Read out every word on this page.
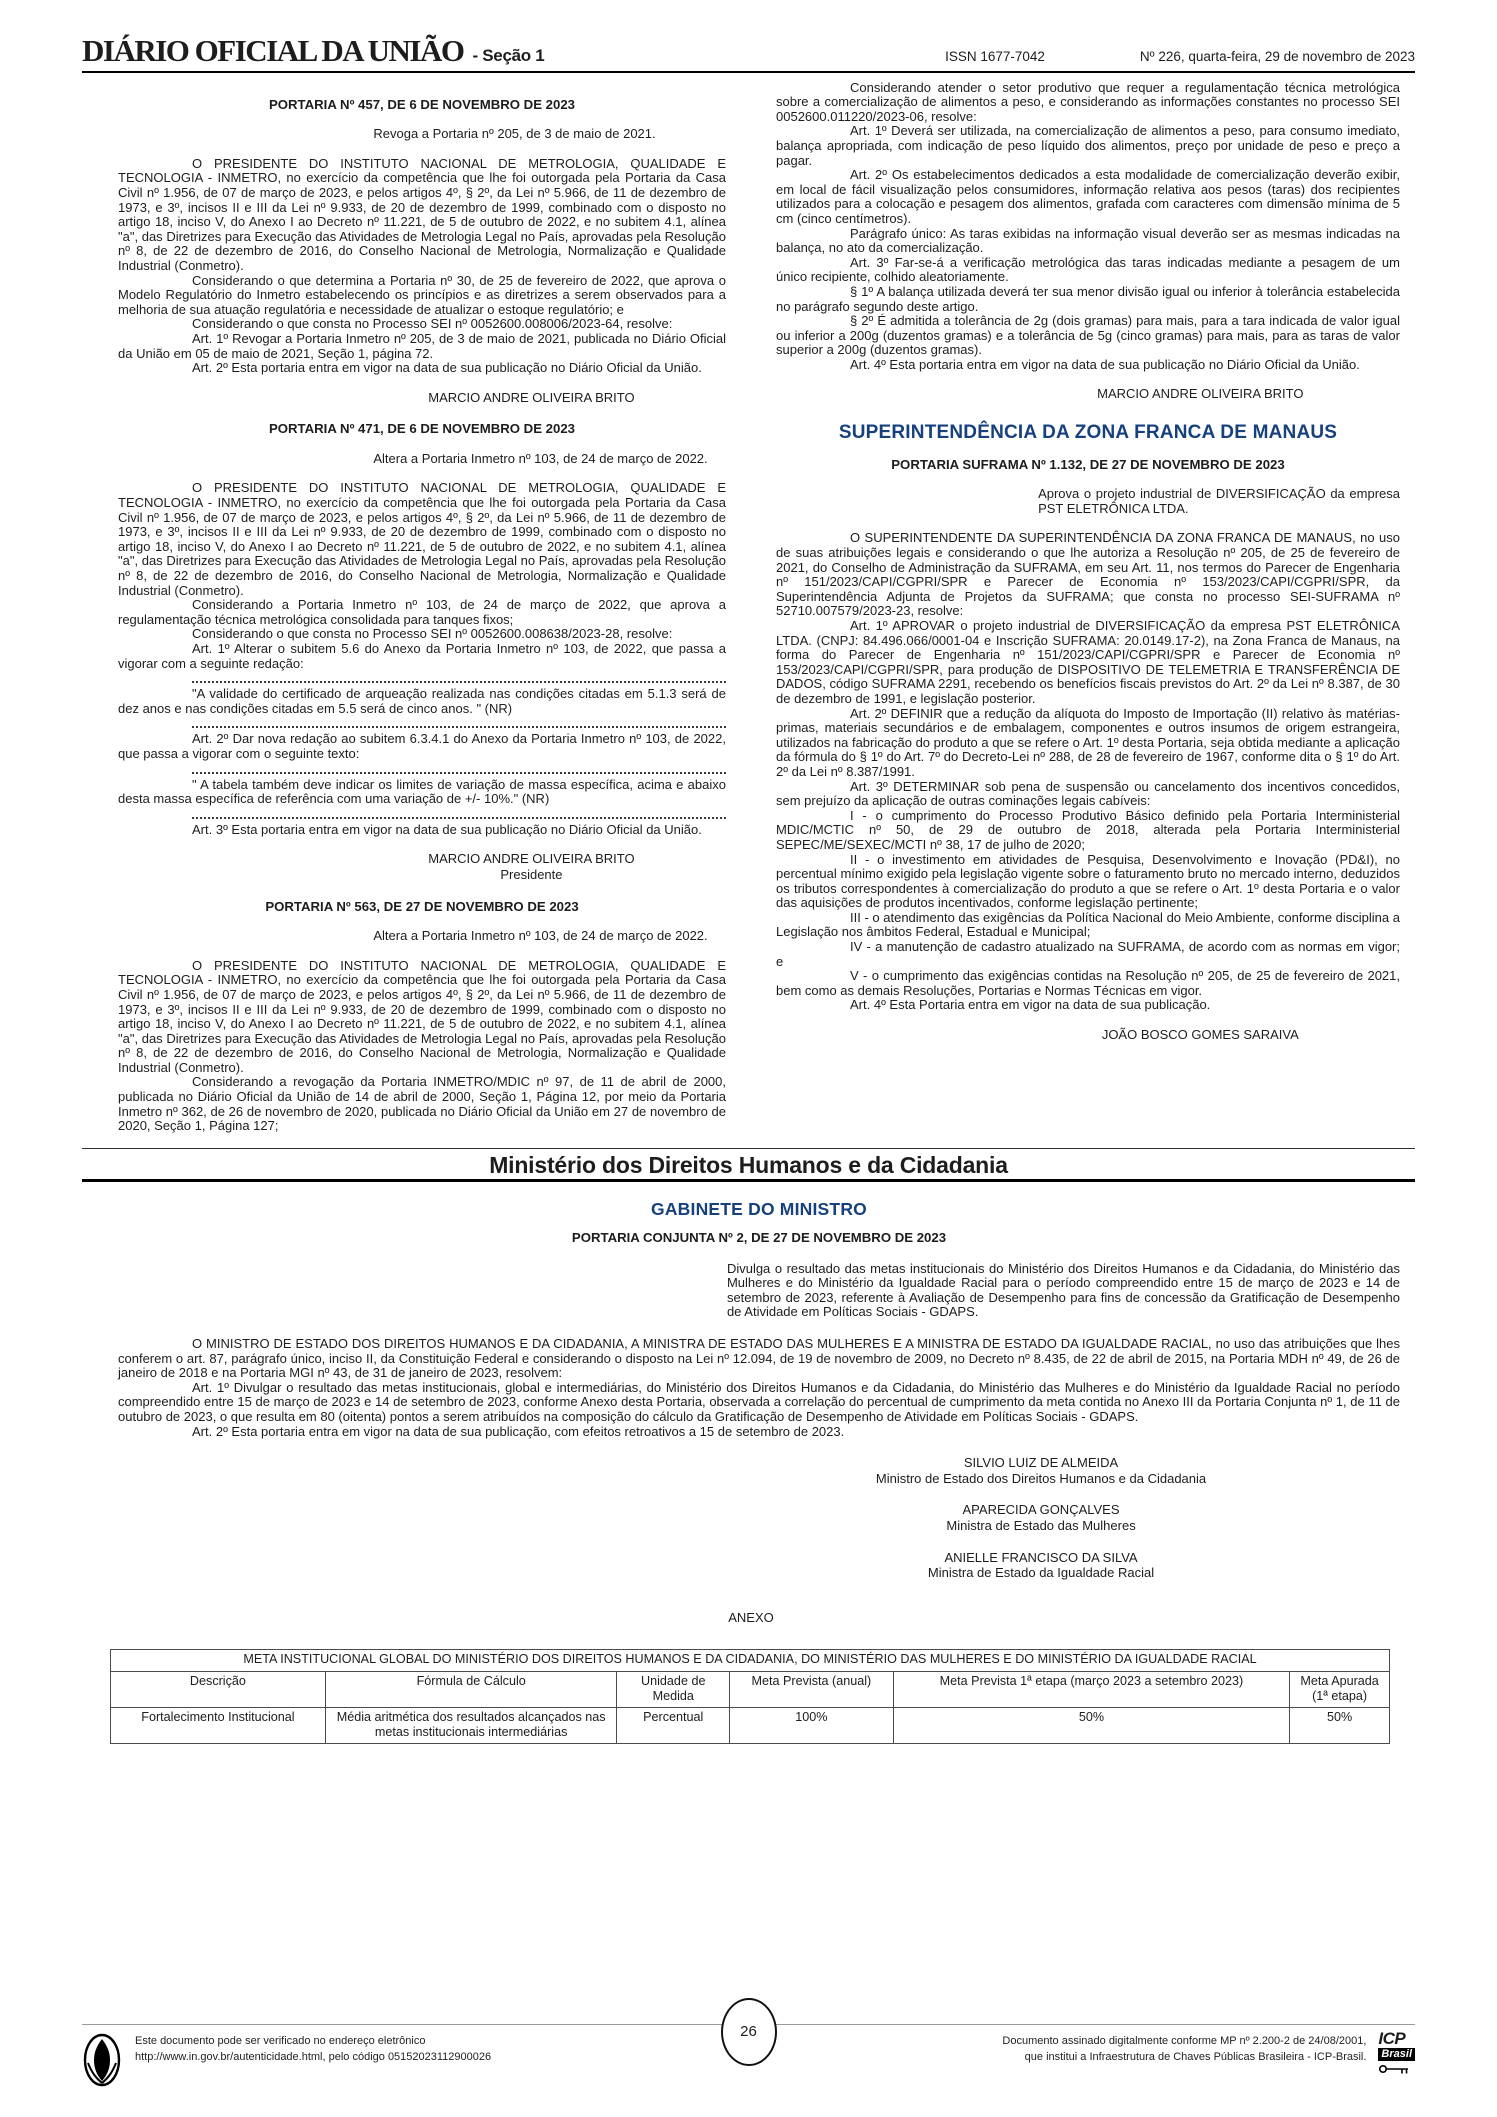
DIÁRIO OFICIAL DA UNIÃO - Seção 1	ISSN 1677-7042	Nº 226, quarta-feira, 29 de novembro de 2023
PORTARIA Nº 457, DE 6 DE NOVEMBRO DE 2023
Revoga a Portaria nº 205, de 3 de maio de 2021.
O PRESIDENTE DO INSTITUTO NACIONAL DE METROLOGIA, QUALIDADE E TECNOLOGIA - INMETRO, no exercício da competência que lhe foi outorgada pela Portaria da Casa Civil nº 1.956, de 07 de março de 2023, e pelos artigos 4º, § 2º, da Lei nº 5.966, de 11 de dezembro de 1973, e 3º, incisos II e III da Lei nº 9.933, de 20 de dezembro de 1999, combinado com o disposto no artigo 18, inciso V, do Anexo I ao Decreto nº 11.221, de 5 de outubro de 2022, e no subitem 4.1, alínea "a", das Diretrizes para Execução das Atividades de Metrologia Legal no País, aprovadas pela Resolução nº 8, de 22 de dezembro de 2016, do Conselho Nacional de Metrologia, Normalização e Qualidade Industrial (Conmetro).
Considerando o que determina a Portaria nº 30, de 25 de fevereiro de 2022, que aprova o Modelo Regulatório do Inmetro estabelecendo os princípios e as diretrizes a serem observados para a melhoria de sua atuação regulatória e necessidade de atualizar o estoque regulatório; e
Considerando o que consta no Processo SEI nº 0052600.008006/2023-64, resolve:
Art. 1º Revogar a Portaria Inmetro nº 205, de 3 de maio de 2021, publicada no Diário Oficial da União em 05 de maio de 2021, Seção 1, página 72.
Art. 2º Esta portaria entra em vigor na data de sua publicação no Diário Oficial da União.
MARCIO ANDRE OLIVEIRA BRITO
PORTARIA Nº 471, DE 6 DE NOVEMBRO DE 2023
Altera a Portaria Inmetro nº 103, de 24 de março de 2022.
O PRESIDENTE DO INSTITUTO NACIONAL DE METROLOGIA, QUALIDADE E TECNOLOGIA - INMETRO, no exercício da competência que lhe foi outorgada pela Portaria da Casa Civil nº 1.956, de 07 de março de 2023, e pelos artigos 4º, § 2º, da Lei nº 5.966, de 11 de dezembro de 1973, e 3º, incisos II e III da Lei nº 9.933, de 20 de dezembro de 1999, combinado com o disposto no artigo 18, inciso V, do Anexo I ao Decreto nº 11.221, de 5 de outubro de 2022, e no subitem 4.1, alínea "a", das Diretrizes para Execução das Atividades de Metrologia Legal no País, aprovadas pela Resolução nº 8, de 22 de dezembro de 2016, do Conselho Nacional de Metrologia, Normalização e Qualidade Industrial (Conmetro).
Considerando a Portaria Inmetro nº 103, de 24 de março de 2022, que aprova a regulamentação técnica metrológica consolidada para tanques fixos;
Considerando o que consta no Processo SEI nº 0052600.008638/2023-28, resolve:
Art. 1º Alterar o subitem 5.6 do Anexo da Portaria Inmetro nº 103, de 2022, que passa a vigorar com a seguinte redação:
"A validade do certificado de arqueação realizada nas condições citadas em 5.1.3 será de dez anos e nas condições citadas em 5.5 será de cinco anos. " (NR)
Art. 2º Dar nova redação ao subitem 6.3.4.1 do Anexo da Portaria Inmetro nº 103, de 2022, que passa a vigorar com o seguinte texto:
" A tabela também deve indicar os limites de variação de massa específica, acima e abaixo desta massa específica de referência com uma variação de +/- 10%." (NR)
Art. 3º Esta portaria entra em vigor na data de sua publicação no Diário Oficial da União.
MARCIO ANDRE OLIVEIRA BRITO
Presidente
PORTARIA Nº 563, DE 27 DE NOVEMBRO DE 2023
Altera a Portaria Inmetro nº 103, de 24 de março de 2022.
O PRESIDENTE DO INSTITUTO NACIONAL DE METROLOGIA, QUALIDADE E TECNOLOGIA - INMETRO, no exercício da competência que lhe foi outorgada pela Portaria da Casa Civil nº 1.956, de 07 de março de 2023, e pelos artigos 4º, § 2º, da Lei nº 5.966, de 11 de dezembro de 1973, e 3º, incisos II e III da Lei nº 9.933, de 20 de dezembro de 1999, combinado com o disposto no artigo 18, inciso V, do Anexo I ao Decreto nº 11.221, de 5 de outubro de 2022, e no subitem 4.1, alínea "a", das Diretrizes para Execução das Atividades de Metrologia Legal no País, aprovadas pela Resolução nº 8, de 22 de dezembro de 2016, do Conselho Nacional de Metrologia, Normalização e Qualidade Industrial (Conmetro).
Considerando a revogação da Portaria INMETRO/MDIC nº 97, de 11 de abril de 2000, publicada no Diário Oficial da União de 14 de abril de 2000, Seção 1, Página 12, por meio da Portaria Inmetro nº 362, de 26 de novembro de 2020, publicada no Diário Oficial da União em 27 de novembro de 2020, Seção 1, Página 127;
Considerando atender o setor produtivo que requer a regulamentação técnica metrológica sobre a comercialização de alimentos a peso, e considerando as informações constantes no processo SEI 0052600.011220/2023-06, resolve:
Art. 1º Deverá ser utilizada, na comercialização de alimentos a peso, para consumo imediato, balança apropriada, com indicação de peso líquido dos alimentos, preço por unidade de peso e preço a pagar.
Art. 2º Os estabelecimentos dedicados a esta modalidade de comercialização deverão exibir, em local de fácil visualização pelos consumidores, informação relativa aos pesos (taras) dos recipientes utilizados para a colocação e pesagem dos alimentos, grafada com caracteres com dimensão mínima de 5 cm (cinco centímetros).
Parágrafo único: As taras exibidas na informação visual deverão ser as mesmas indicadas na balança, no ato da comercialização.
Art. 3º Far-se-á a verificação metrológica das taras indicadas mediante a pesagem de um único recipiente, colhido aleatoriamente.
§ 1º A balança utilizada deverá ter sua menor divisão igual ou inferior à tolerância estabelecida no parágrafo segundo deste artigo.
§ 2º É admitida a tolerância de 2g (dois gramas) para mais, para a tara indicada de valor igual ou inferior a 200g (duzentos gramas) e a tolerância de 5g (cinco gramas) para mais, para as taras de valor superior a 200g (duzentos gramas).
Art. 4º Esta portaria entra em vigor na data de sua publicação no Diário Oficial da União.
MARCIO ANDRE OLIVEIRA BRITO
SUPERINTENDÊNCIA DA ZONA FRANCA DE MANAUS
PORTARIA SUFRAMA Nº 1.132, DE 27 DE NOVEMBRO DE 2023
Aprova o projeto industrial de DIVERSIFICAÇÃO da empresa PST ELETRÔNICA LTDA.
O SUPERINTENDENTE DA SUPERINTENDÊNCIA DA ZONA FRANCA DE MANAUS, no uso de suas atribuições legais e considerando o que lhe autoriza a Resolução nº 205, de 25 de fevereiro de 2021, do Conselho de Administração da SUFRAMA, em seu Art. 11, nos termos do Parecer de Engenharia nº 151/2023/CAPI/CGPRI/SPR e Parecer de Economia nº 153/2023/CAPI/CGPRI/SPR, da Superintendência Adjunta de Projetos da SUFRAMA; que consta no processo SEI-SUFRAMA nº 52710.007579/2023-23, resolve:
Art. 1º APROVAR o projeto industrial de DIVERSIFICAÇÃO da empresa PST ELETRÔNICA LTDA. (CNPJ: 84.496.066/0001-04 e Inscrição SUFRAMA: 20.0149.17-2), na Zona Franca de Manaus, na forma do Parecer de Engenharia nº 151/2023/CAPI/CGPRI/SPR e Parecer de Economia nº 153/2023/CAPI/CGPRI/SPR, para produção de DISPOSITIVO DE TELEMETRIA E TRANSFERÊNCIA DE DADOS, código SUFRAMA 2291, recebendo os benefícios fiscais previstos do Art. 2º da Lei nº 8.387, de 30 de dezembro de 1991, e legislação posterior.
Art. 2º DEFINIR que a redução da alíquota do Imposto de Importação (II) relativo às matérias-primas, materiais secundários e de embalagem, componentes e outros insumos de origem estrangeira, utilizados na fabricação do produto a que se refere o Art. 1º desta Portaria, seja obtida mediante a aplicação da fórmula do § 1º do Art. 7º do Decreto-Lei nº 288, de 28 de fevereiro de 1967, conforme dita o § 1º do Art. 2º da Lei nº 8.387/1991.
Art. 3º DETERMINAR sob pena de suspensão ou cancelamento dos incentivos concedidos, sem prejuízo da aplicação de outras cominações legais cabíveis:
I - o cumprimento do Processo Produtivo Básico definido pela Portaria Interministerial MDIC/MCTIC nº 50, de 29 de outubro de 2018, alterada pela Portaria Interministerial SEPEC/ME/SEXEC/MCTI nº 38, 17 de julho de 2020;
II - o investimento em atividades de Pesquisa, Desenvolvimento e Inovação (PD&I), no percentual mínimo exigido pela legislação vigente sobre o faturamento bruto no mercado interno, deduzidos os tributos correspondentes à comercialização do produto a que se refere o Art. 1º desta Portaria e o valor das aquisições de produtos incentivados, conforme legislação pertinente;
III - o atendimento das exigências da Política Nacional do Meio Ambiente, conforme disciplina a Legislação nos âmbitos Federal, Estadual e Municipal;
IV - a manutenção de cadastro atualizado na SUFRAMA, de acordo com as normas em vigor; e
V - o cumprimento das exigências contidas na Resolução nº 205, de 25 de fevereiro de 2021, bem como as demais Resoluções, Portarias e Normas Técnicas em vigor.
Art. 4º Esta Portaria entra em vigor na data de sua publicação.
JOÃO BOSCO GOMES SARAIVA
Ministério dos Direitos Humanos e da Cidadania
GABINETE DO MINISTRO
PORTARIA CONJUNTA Nº 2, DE 27 DE NOVEMBRO DE 2023
Divulga o resultado das metas institucionais do Ministério dos Direitos Humanos e da Cidadania, do Ministério das Mulheres e do Ministério da Igualdade Racial para o período compreendido entre 15 de março de 2023 e 14 de setembro de 2023, referente à Avaliação de Desempenho para fins de concessão da Gratificação de Desempenho de Atividade em Políticas Sociais - GDAPS.
O MINISTRO DE ESTADO DOS DIREITOS HUMANOS E DA CIDADANIA, A MINISTRA DE ESTADO DAS MULHERES E A MINISTRA DE ESTADO DA IGUALDADE RACIAL, no uso das atribuições que lhes conferem o art. 87, parágrafo único, inciso II, da Constituição Federal e considerando o disposto na Lei nº 12.094, de 19 de novembro de 2009, no Decreto nº 8.435, de 22 de abril de 2015, na Portaria MDH nº 49, de 26 de janeiro de 2018 e na Portaria MGI nº 43, de 31 de janeiro de 2023, resolvem:
Art. 1º Divulgar o resultado das metas institucionais, global e intermediárias, do Ministério dos Direitos Humanos e da Cidadania, do Ministério das Mulheres e do Ministério da Igualdade Racial no período compreendido entre 15 de março de 2023 e 14 de setembro de 2023, conforme Anexo desta Portaria, observada a correlação do percentual de cumprimento da meta contida no Anexo III da Portaria Conjunta nº 1, de 11 de outubro de 2023, o que resulta em 80 (oitenta) pontos a serem atribuídos na composição do cálculo da Gratificação de Desempenho de Atividade em Políticas Sociais - GDAPS.
Art. 2º Esta portaria entra em vigor na data de sua publicação, com efeitos retroativos a 15 de setembro de 2023.
SILVIO LUIZ DE ALMEIDA
Ministro de Estado dos Direitos Humanos e da Cidadania
APARECIDA GONÇALVES
Ministra de Estado das Mulheres
ANIELLE FRANCISCO DA SILVA
Ministra de Estado da Igualdade Racial
ANEXO
META INSTITUCIONAL GLOBAL DO MINISTÉRIO DOS DIREITOS HUMANOS E DA CIDADANIA, DO MINISTÉRIO DAS MULHERES E DO MINISTÉRIO DA IGUALDADE RACIAL					
Descrição	Fórmula de Cálculo	Unidade de Medida	Meta Prevista (anual)	Meta Prevista 1ª etapa (março 2023 a setembro 2023)	Meta Apurada (1ª etapa)
Fortalecimento Institucional	Média aritmética dos resultados alcançados nas metas institucionais intermediárias	Percentual	100%	50%	50%
26
Este documento pode ser verificado no endereço eletrônico
http://www.in.gov.br/autenticidade.html, pelo código 05152023112900026
Documento assinado digitalmente conforme MP nº 2.200-2 de 24/08/2001,
que institui a Infraestrutura de Chaves Públicas Brasileira - ICP-Brasil.
ICP
Brasil
